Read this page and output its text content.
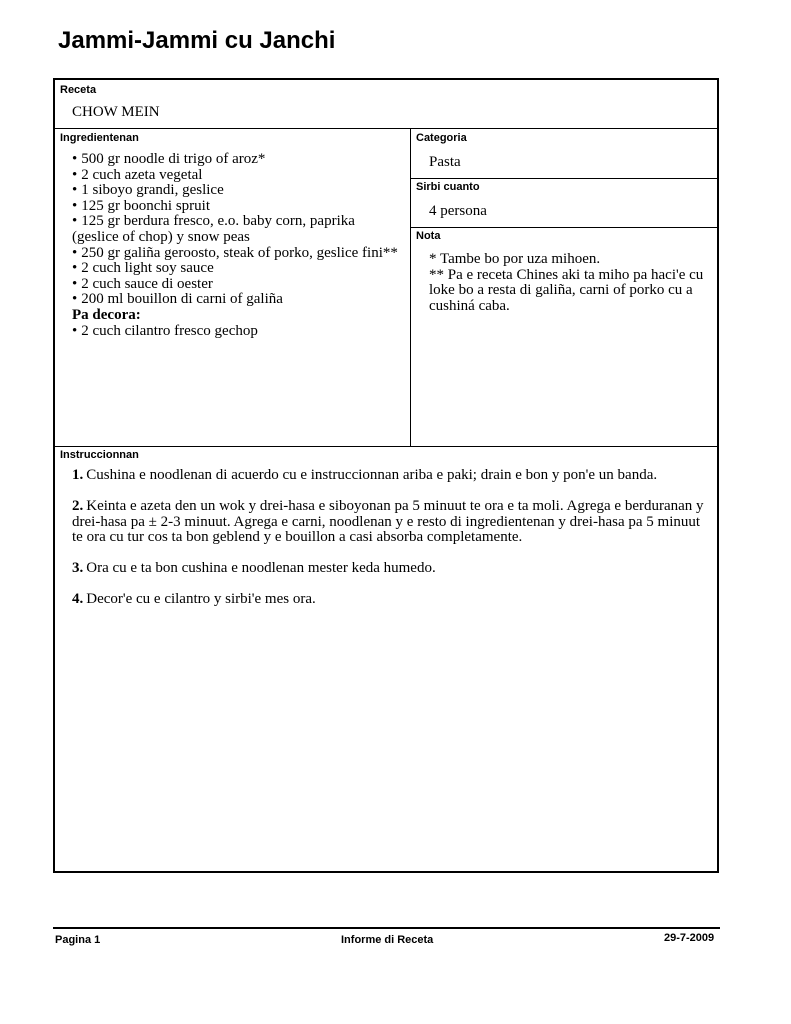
Jammi-Jammi cu Janchi
Receta
CHOW MEIN
Ingredientenan
• 500 gr noodle di trigo of aroz*
• 2 cuch azeta vegetal
• 1 siboyo grandi, geslice
• 125 gr boonchi spruit
• 125 gr berdura fresco, e.o. baby corn, paprika (geslice of chop) y snow peas
• 250 gr galiña geroosto, steak of porko, geslice fini**
• 2 cuch light soy sauce
• 2 cuch sauce di oester
• 200 ml bouillon di carni of galiña
Pa decora:
• 2 cuch cilantro fresco gechop
Categoria
Pasta
Sirbi cuanto
4 persona
Nota

* Tambe bo por uza mihoen.

** Pa e receta Chines aki ta miho pa haci'e cu loke bo a resta di galiña, carni of porko cu a cushiná caba.

Instruccionnan
1. Cushina e noodlenan di acuerdo cu e instruccionnan ariba e paki; drain e bon y pon'e un banda.
2. Keinta e azeta den un wok y drei-hasa e siboyonan pa 5 minuut te ora e ta moli. Agrega e berduranan y drei-hasa pa ± 2-3 minuut. Agrega e carni, noodlenan y e resto di ingredientenan y drei-hasa pa 5 minuut te ora cu tur cos ta bon geblend y e bouillon a casi absorba completamente.
3. Ora cu e ta bon cushina e noodlenan mester keda humedo.
4. Decor'e cu e cilantro y sirbi'e mes ora.
Pagina 1	Informe di Receta	29-7-2009
